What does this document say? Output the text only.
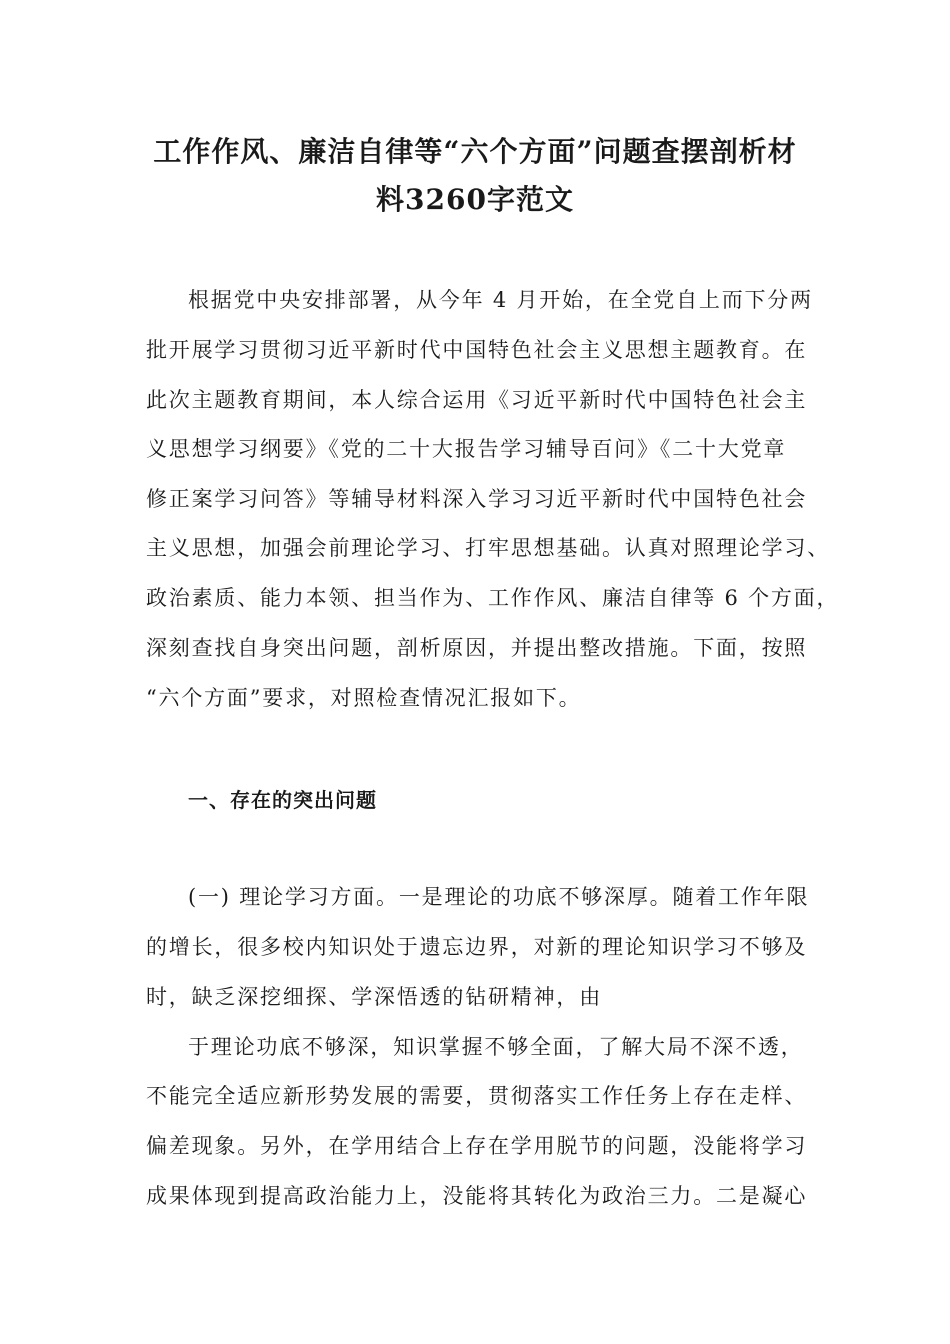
工作作风、廉洁自律等“六个方面”问题查摆剖析材
料3260字范文

根据党中央安排部署，从今年 4 月开始，在全党自上而下分两

批开展学习贯彻习近平新时代中国特色社会主义思想主题教育。在

此次主题教育期间，本人综合运用《习近平新时代中国特色社会主

义思想学习纲要》《党的二十大报告学习辅导百问》《二十大党章

修正案学习问答》等辅导材料深入学习习近平新时代中国特色社会

主义思想，加强会前理论学习、打牢思想基础。认真对照理论学习、

政治素质、能力本领、担当作为、工作作风、廉洁自律等 6 个方面，

深刻查找自身突出问题，剖析原因，并提出整改措施。下面，按照

“六个方面”要求，对照检查情况汇报如下。

一、存在的突出问题

(一) 理论学习方面。一是理论的功底不够深厚。随着工作年限

的增长，很多校内知识处于遗忘边界，对新的理论知识学习不够及

时，缺乏深挖细探、学深悟透的钻研精神，由

于理论功底不够深，知识掌握不够全面，了解大局不深不透，

不能完全适应新形势发展的需要，贯彻落实工作任务上存在走样、

偏差现象。另外，在学用结合上存在学用脱节的问题，没能将学习

成果体现到提高政治能力上，没能将其转化为政治三力。二是凝心
